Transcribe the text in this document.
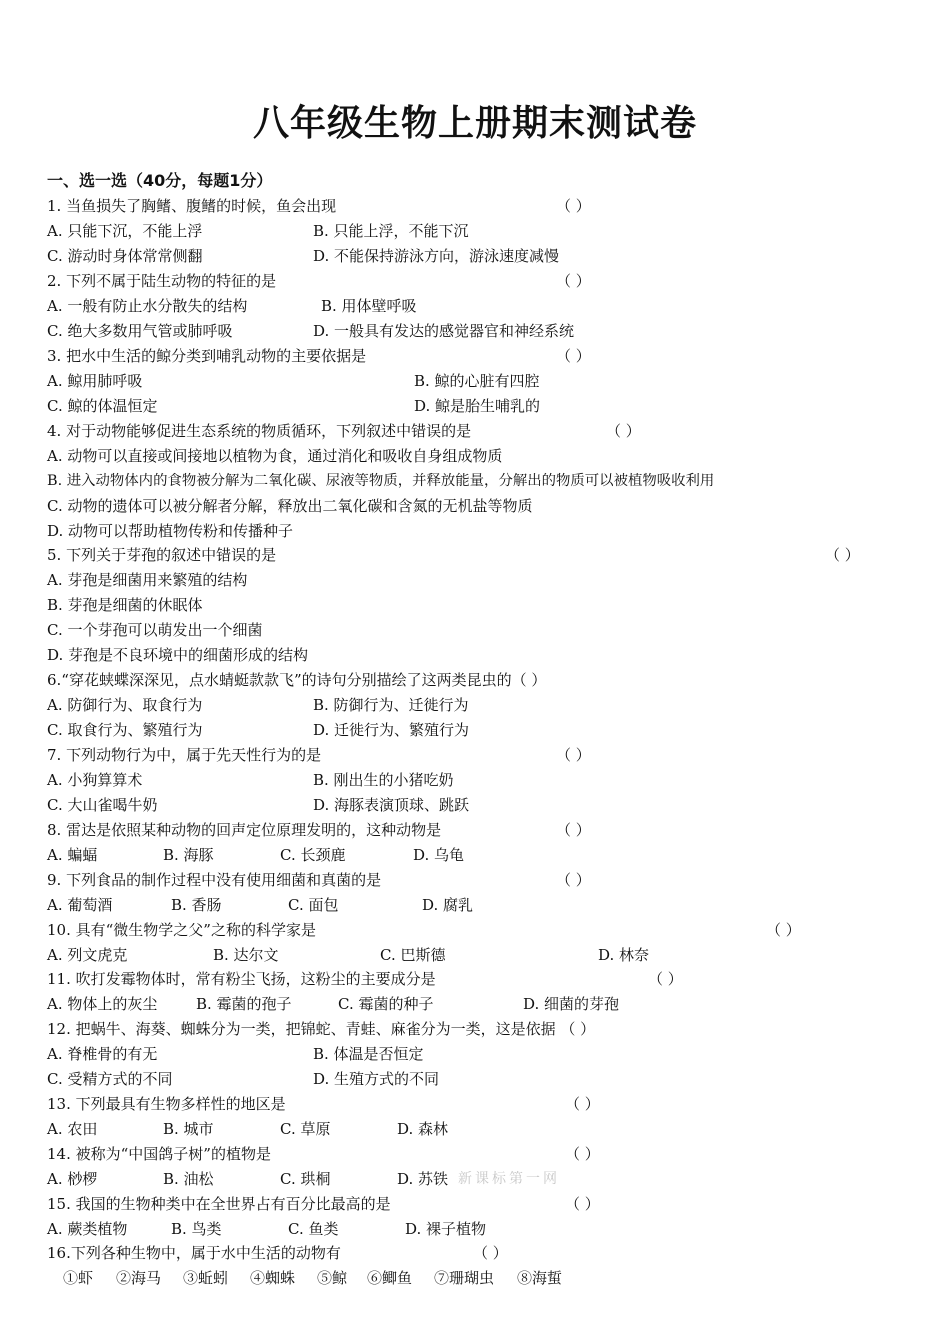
八年级生物上册期末测试卷
一、选一选（40分，每题1分）
1. 当鱼损失了胸鳍、腹鳍的时候，鱼会出现	（ ）
A. 只能下沉，不能上浮	B. 只能上浮，不能下沉
C. 游动时身体常常侧翻	D. 不能保持游泳方向，游泳速度减慢
2. 下列不属于陆生动物的特征的是	（ ）
A. 一般有防止水分散失的结构	B. 用体壁呼吸
C. 绝大多数用气管或肺呼吸	D. 一般具有发达的感觉器官和神经系统
3. 把水中生活的鲸分类到哺乳动物的主要依据是	（ ）
A. 鲸用肺呼吸	B. 鲸的心脏有四腔
C. 鲸的体温恒定	D. 鲸是胎生哺乳的
4. 对于动物能够促进生态系统的物质循环，下列叙述中错误的是	（ ）
A. 动物可以直接或间接地以植物为食，通过消化和吸收自身组成物质
B. 进入动物体内的食物被分解为二氧化碳、尿液等物质，并释放能量，分解出的物质可以被植物吸收利用
C. 动物的遗体可以被分解者分解，释放出二氧化碳和含氮的无机盐等物质
D. 动物可以帮助植物传粉和传播种子
5. 下列关于芽孢的叙述中错误的是	（ ）
A. 芽孢是细菌用来繁殖的结构
B. 芽孢是细菌的休眠体
C. 一个芽孢可以萌发出一个细菌
D. 芽孢是不良环境中的细菌形成的结构
6.“穿花蛱蝶深深见，点水蜻蜓款款飞”的诗句分别描绘了这两类昆虫的（ ）
A. 防御行为、取食行为	B. 防御行为、迁徙行为
C. 取食行为、繁殖行为	D. 迁徙行为、繁殖行为
7. 下列动物行为中，属于先天性行为的是	（ ）
A. 小狗算算术	B. 刚出生的小猪吃奶
C. 大山雀喝牛奶	D. 海豚表演顶球、跳跃
8. 雷达是依照某种动物的回声定位原理发明的，这种动物是	（ ）
A. 蝙蝠	B. 海豚	C. 长颈鹿	D. 乌龟
9. 下列食品的制作过程中没有使用细菌和真菌的是	（ ）
A. 葡萄酒	B. 香肠	C. 面包	D. 腐乳
10. 具有“微生物学之父”之称的科学家是	（ ）
A. 列文虎克	B. 达尔文	C. 巴斯德	D. 林奈
11. 吹打发霉物体时，常有粉尘飞扬，这粉尘的主要成分是	（ ）
A. 物体上的灰尘	B. 霉菌的孢子	C. 霉菌的种子	D. 细菌的芽孢
12. 把蜗牛、海葵、蜘蛛分为一类，把锦蛇、青蛙、麻雀分为一类，这是依据 （ ）
A. 脊椎骨的有无	B. 体温是否恒定
C. 受精方式的不同	D. 生殖方式的不同
13. 下列最具有生物多样性的地区是	（ ）
A. 农田	B. 城市	C. 草原	D. 森林
14. 被称为“中国鸽子树”的植物是	（ ）
A. 桫椤	B. 油松	C. 珙桐	D. 苏铁 新课标第一网
15. 我国的生物种类中在全世界占有百分比最高的是	（ ）
A. 蕨类植物	B. 鸟类	C. 鱼类	D. 裸子植物
16.下列各种生物中，属于水中生活的动物有	（ ）
①虾 ②海马 ③蚯蚓 ④蜘蛛 ⑤鲸 ⑥鲫鱼 ⑦珊瑚虫 ⑧海蜇
